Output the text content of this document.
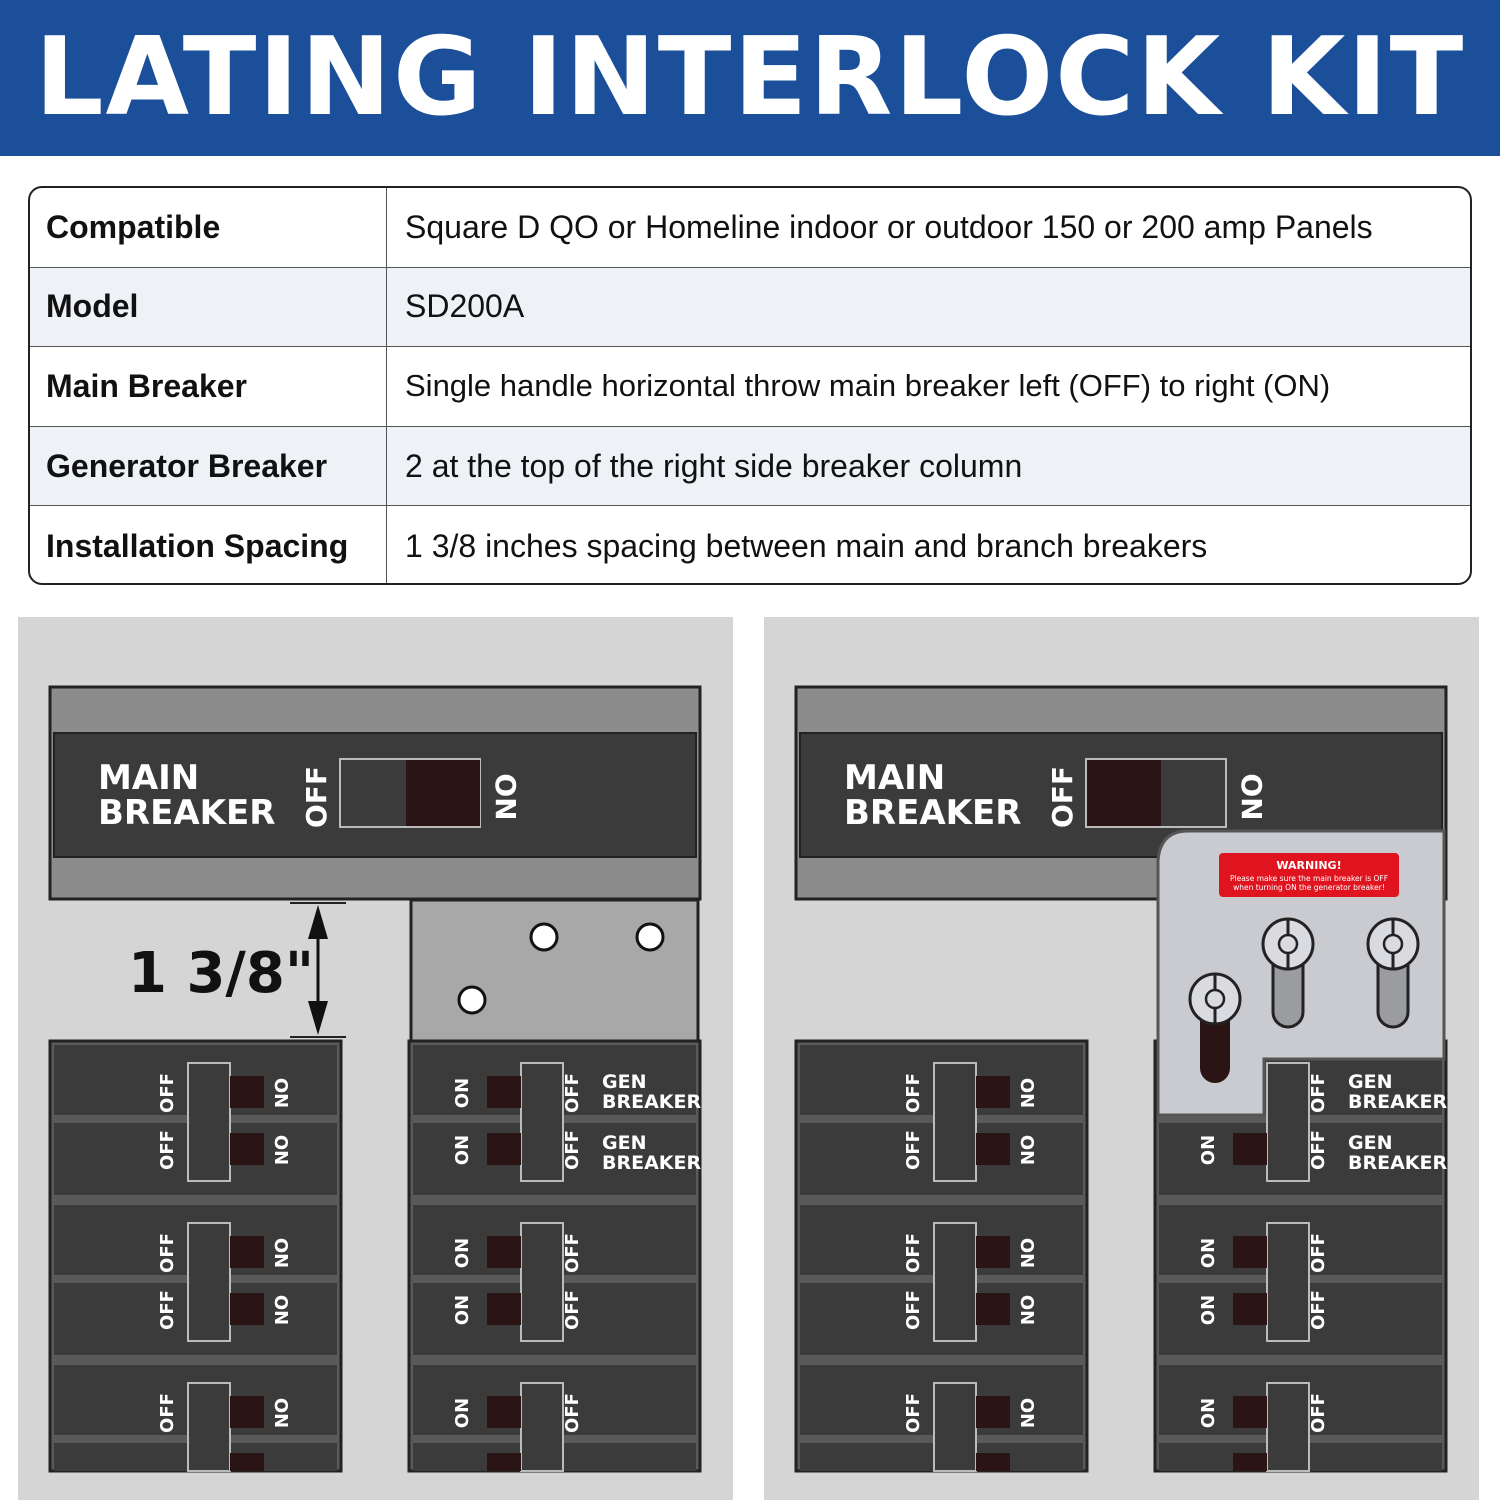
LATING INTERLOCK KIT
Compatible	Square D QO or Homeline indoor or outdoor 150 or 200 amp Panels
Model	SD200A
Main Breaker	Single handle horizontal throw main breaker left (OFF) to right (ON)
Generator Breaker	2 at the top of the right side breaker column
Installation Spacing	1 3/8 inches spacing between main and branch breakers
MAIN
BREAKER OFF	ON
1 3/8"
OFF
OFF
OFF
OFF
OFF
ON
ON
ON
ON
ON
ON
ON
ON
ON
ON
OFF
OFF
OFF
OFF
OFF
GEN
BREAKER
GEN
BREAKER
MAIN
BREAKER OFF	ON
OFF
OFF
OFF
OFF
OFF
ON
ON
ON
ON
ON
ON
ON
ON
ON
OFF
OFF
OFF
OFF
OFF
GEN
BREAKER
GEN
BREAKER
WARNING!
Please make sure the main breaker is OFF
when turning ON the generator breaker!
